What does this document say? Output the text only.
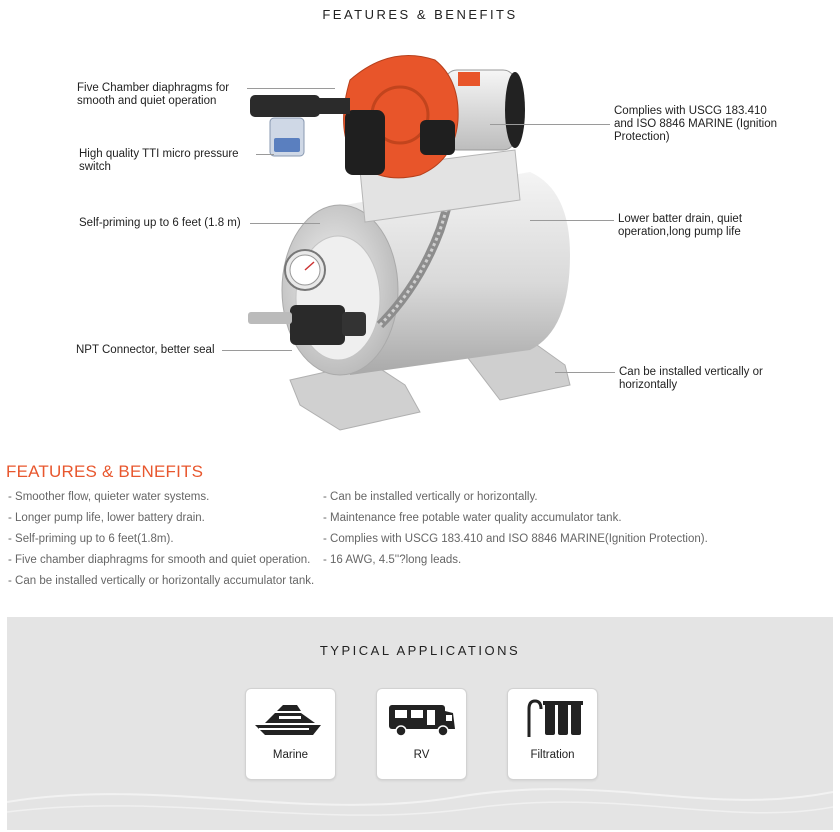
FEATURES & BENEFITS
Five Chamber diaphragms for
smooth and quiet operation
High quality TTI micro pressure
switch
Self-priming up to 6 feet (1.8 m)
NPT Connector, better seal
Complies with USCG 183.410
and ISO 8846 MARINE (Ignition
Protection)
Lower batter drain, quiet
operation,long pump life
Can be installed vertically or
horizontally
FEATURES & BENEFITS
- Smoother flow, quieter water systems.
- Longer pump life, lower battery drain.
- Self-priming up to 6 feet(1.8m).
- Five chamber diaphragms for smooth and quiet operation.
- Can be installed vertically or horizontally accumulator tank.
- Can be installed vertically or horizontally.
- Maintenance free potable water quality accumulator tank.
- Complies with USCG 183.410 and ISO 8846 MARINE(Ignition Protection).
- 16 AWG, 4.5''?long leads.
TYPICAL APPLICATIONS
Marine	RV	Filtration
